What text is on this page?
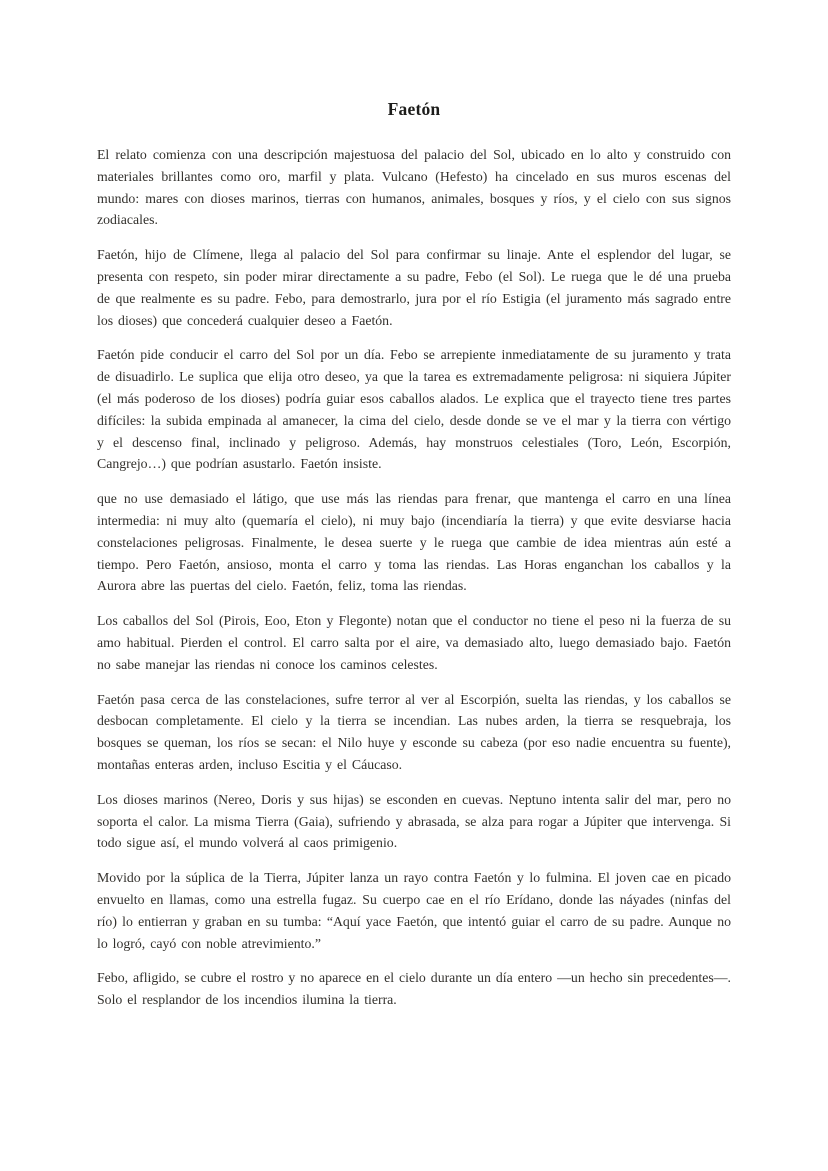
Faetón

El relato comienza con una descripción majestuosa del palacio del Sol, ubicado en lo alto y construido con materiales brillantes como oro, marfil y plata. Vulcano (Hefesto) ha cincelado en sus muros escenas del mundo: mares con dioses marinos, tierras con humanos, animales, bosques y ríos, y el cielo con sus signos zodiacales.

Faetón, hijo de Clímene, llega al palacio del Sol para confirmar su linaje. Ante el esplendor del lugar, se presenta con respeto, sin poder mirar directamente a su padre, Febo (el Sol). Le ruega que le dé una prueba de que realmente es su padre. Febo, para demostrarlo, jura por el río Estigia (el juramento más sagrado entre los dioses) que concederá cualquier deseo a Faetón.

Faetón pide conducir el carro del Sol por un día. Febo se arrepiente inmediatamente de su juramento y trata de disuadirlo. Le suplica que elija otro deseo, ya que la tarea es extremadamente peligrosa: ni siquiera Júpiter (el más poderoso de los dioses) podría guiar esos caballos alados. Le explica que el trayecto tiene tres partes difíciles: la subida empinada al amanecer, la cima del cielo, desde donde se ve el mar y la tierra con vértigo y el descenso final, inclinado y peligroso. Además, hay monstruos celestiales (Toro, León, Escorpión, Cangrejo…) que podrían asustarlo. Faetón insiste.

que no use demasiado el látigo, que use más las riendas para frenar, que mantenga el carro en una línea intermedia: ni muy alto (quemaría el cielo), ni muy bajo (incendiaría la tierra) y que evite desviarse hacia constelaciones peligrosas. Finalmente, le desea suerte y le ruega que cambie de idea mientras aún esté a tiempo. Pero Faetón, ansioso, monta el carro y toma las riendas. Las Horas enganchan los caballos y la Aurora abre las puertas del cielo. Faetón, feliz, toma las riendas.

Los caballos del Sol (Pirois, Eoo, Eton y Flegonte) notan que el conductor no tiene el peso ni la fuerza de su amo habitual. Pierden el control. El carro salta por el aire, va demasiado alto, luego demasiado bajo. Faetón no sabe manejar las riendas ni conoce los caminos celestes.

Faetón pasa cerca de las constelaciones, sufre terror al ver al Escorpión, suelta las riendas, y los caballos se desbocan completamente. El cielo y la tierra se incendian. Las nubes arden, la tierra se resquebraja, los bosques se queman, los ríos se secan: el Nilo huye y esconde su cabeza (por eso nadie encuentra su fuente), montañas enteras arden, incluso Escitia y el Cáucaso.

Los dioses marinos (Nereo, Doris y sus hijas) se esconden en cuevas. Neptuno intenta salir del mar, pero no soporta el calor. La misma Tierra (Gaia), sufriendo y abrasada, se alza para rogar a Júpiter que intervenga. Si todo sigue así, el mundo volverá al caos primigenio.

Movido por la súplica de la Tierra, Júpiter lanza un rayo contra Faetón y lo fulmina. El joven cae en picado envuelto en llamas, como una estrella fugaz. Su cuerpo cae en el río Erídano, donde las náyades (ninfas del río) lo entierran y graban en su tumba: “Aquí yace Faetón, que intentó guiar el carro de su padre. Aunque no lo logró, cayó con noble atrevimiento.”

Febo, afligido, se cubre el rostro y no aparece en el cielo durante un día entero —un hecho sin precedentes—. Solo el resplandor de los incendios ilumina la tierra.
